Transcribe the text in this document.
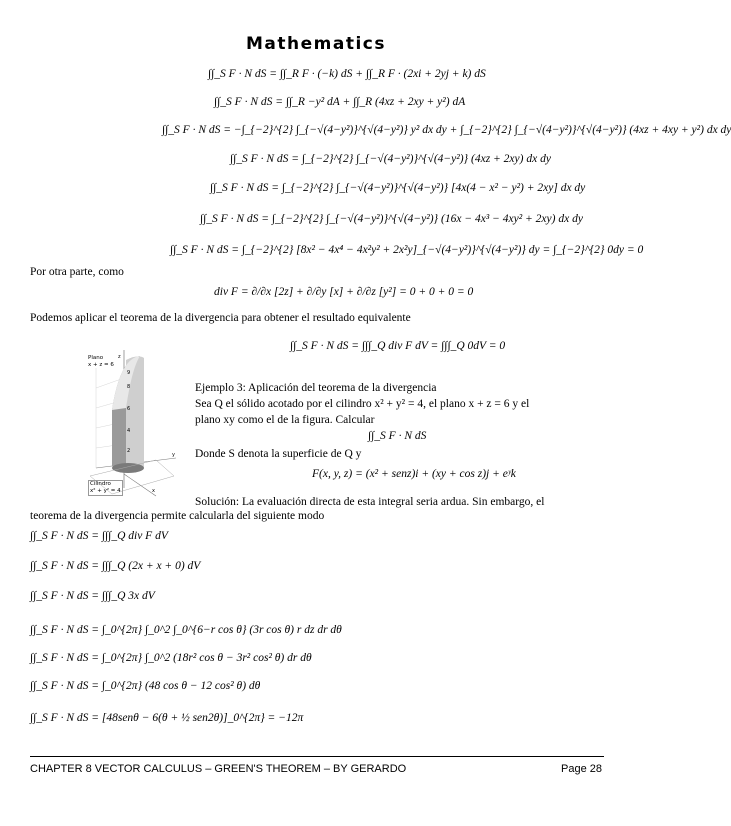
Mathematics
∫∫_S F · N dS = ∫∫_R F · (−k) dS + ∫∫_R F · (2xi + 2yj + k) dS
∫∫_S F · N dS = ∫∫_R −y² dA + ∫∫_R (4xz + 2xy + y²) dA
∫∫_S F · N dS = −∫_{−2}^{2} ∫_{−√(4−y²)}^{√(4−y²)} y² dx dy + ∫_{−2}^{2} ∫_{−√(4−y²)}^{√(4−y²)} (4xz + 4xy + y²) dx dy
∫∫_S F · N dS = ∫_{−2}^{2} ∫_{−√(4−y²)}^{√(4−y²)} (4xz + 2xy) dx dy
∫∫_S F · N dS = ∫_{−2}^{2} ∫_{−√(4−y²)}^{√(4−y²)} [4x(4 − x² − y²) + 2xy] dx dy
∫∫_S F · N dS = ∫_{−2}^{2} ∫_{−√(4−y²)}^{√(4−y²)} (16x − 4x³ − 4xy² + 2xy) dx dy
∫∫_S F · N dS = ∫_{−2}^{2} [8x² − 4x⁴ − 4x²y² + 2x²y]_{−√(4−y²)}^{√(4−y²)} dy = ∫_{−2}^{2} 0dy = 0
Por otra parte, como
div F = ∂/∂x [2z] + ∂/∂y [x] + ∂/∂z [y²] = 0 + 0 + 0 = 0
Podemos aplicar el teorema de la divergencia para obtener el resultado equivalente
∫∫_S F · N dS = ∫∫∫_Q div F dV = ∫∫∫_Q 0dV = 0
Plano
x + z = 6
z
9
8
6
4
2
y
x
Cilindro
x² + y² = 4
Ejemplo 3: Aplicación del teorema de la divergencia
Sea Q el sólido acotado por el cilindro x² + y² = 4, el plano x + z = 6 y el
plano xy como el de la figura. Calcular
∫∫_S F · N dS
Donde S denota la superficie de Q y
F(x, y, z) = (x² + senz)i + (xy + cos z)j + eʸk
Solución: La evaluación directa de esta integral seria ardua. Sin embargo, el
teorema de la divergencia permite calcularla del siguiente modo
∫∫_S F · N dS = ∫∫∫_Q div F dV
∫∫_S F · N dS = ∫∫∫_Q (2x + x + 0) dV
∫∫_S F · N dS = ∫∫∫_Q 3x dV
∫∫_S F · N dS = ∫_0^{2π} ∫_0^2 ∫_0^{6−r cos θ} (3r cos θ) r dz dr dθ
∫∫_S F · N dS = ∫_0^{2π} ∫_0^2 (18r² cos θ − 3r² cos² θ) dr dθ
∫∫_S F · N dS = ∫_0^{2π} (48 cos θ − 12 cos² θ) dθ
∫∫_S F · N dS = [48senθ − 6(θ + ½ sen2θ)]_0^{2π} = −12π
CHAPTER 8 VECTOR CALCULUS – GREEN'S THEOREM – BY GERARDO	Page 28
